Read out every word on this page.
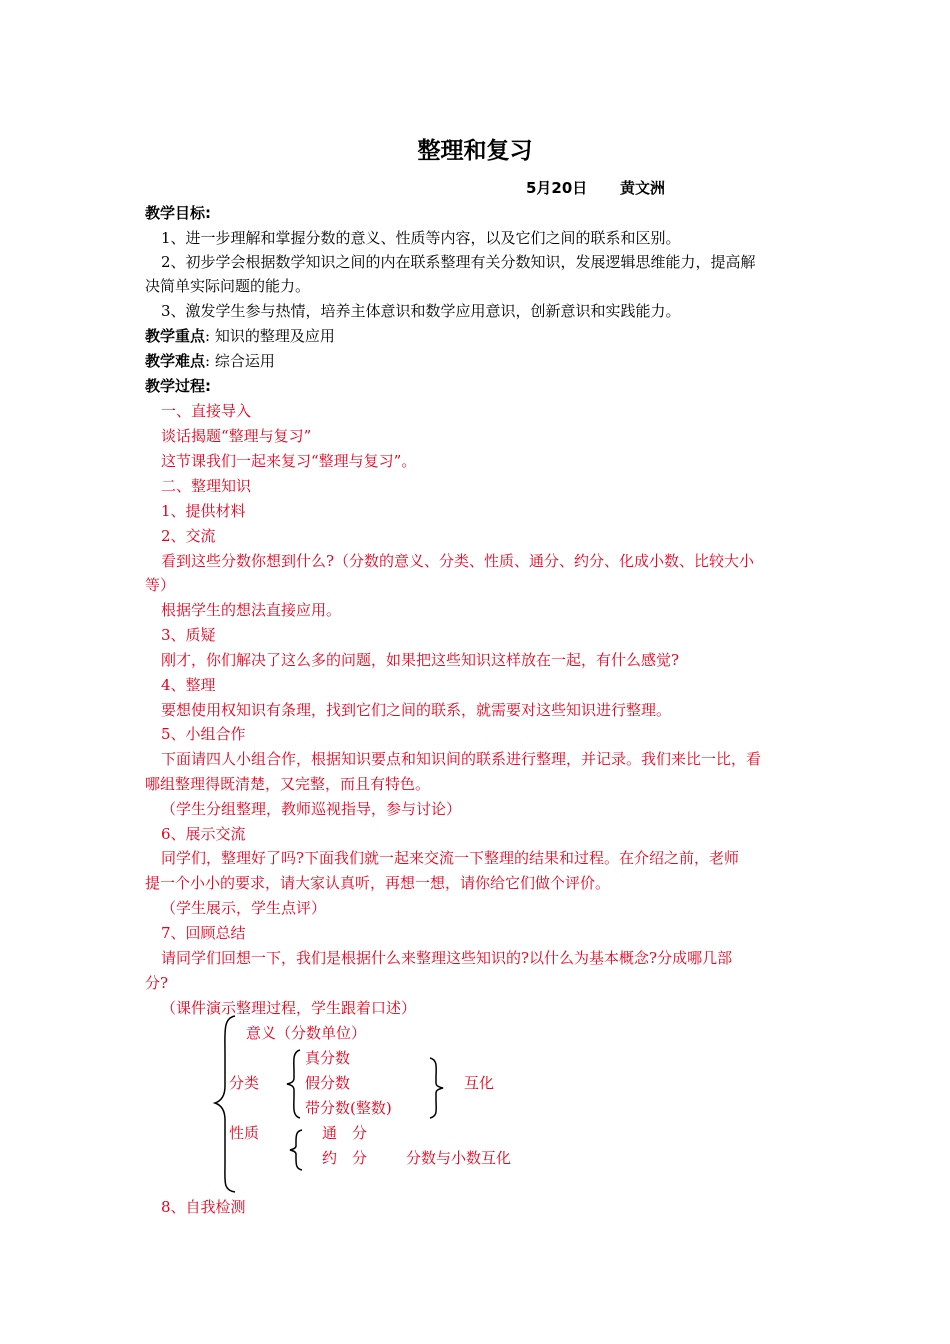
整理和复习
5月20日 黄文洲
教学目标:
1、进一步理解和掌握分数的意义、性质等内容，以及它们之间的联系和区别。
2、初步学会根据数学知识之间的内在联系整理有关分数知识，发展逻辑思维能力，提高解
决简单实际问题的能力。
3、激发学生参与热情，培养主体意识和数学应用意识，创新意识和实践能力。
教学重点: 知识的整理及应用
教学难点: 综合运用
教学过程:
一、直接导入
谈话揭题“整理与复习”
这节课我们一起来复习“整理与复习”。
二、整理知识
1、提供材料
2、交流
看到这些分数你想到什么?（分数的意义、分类、性质、通分、约分、化成小数、比较大小
等）
根据学生的想法直接应用。
3、质疑
刚才，你们解决了这么多的问题，如果把这些知识这样放在一起，有什么感觉?
4、整理
要想使用权知识有条理，找到它们之间的联系，就需要对这些知识进行整理。
5、小组合作
下面请四人小组合作，根据知识要点和知识间的联系进行整理，并记录。我们来比一比，看
哪组整理得既清楚，又完整，而且有特色。
（学生分组整理，教师巡视指导，参与讨论）
6、展示交流
同学们，整理好了吗?下面我们就一起来交流一下整理的结果和过程。在介绍之前，老师
提一个小小的要求，请大家认真听，再想一想，请你给它们做个评价。
（学生展示，学生点评）
7、回顾总结
请同学们回想一下，我们是根据什么来整理这些知识的?以什么为基本概念?分成哪几部
分?
（课件演示整理过程，学生跟着口述）
意义（分数单位）
分类
真分数
假分数
带分数(整数)
互化
性质	通　分
约　分	分数与小数互化
8、自我检测
